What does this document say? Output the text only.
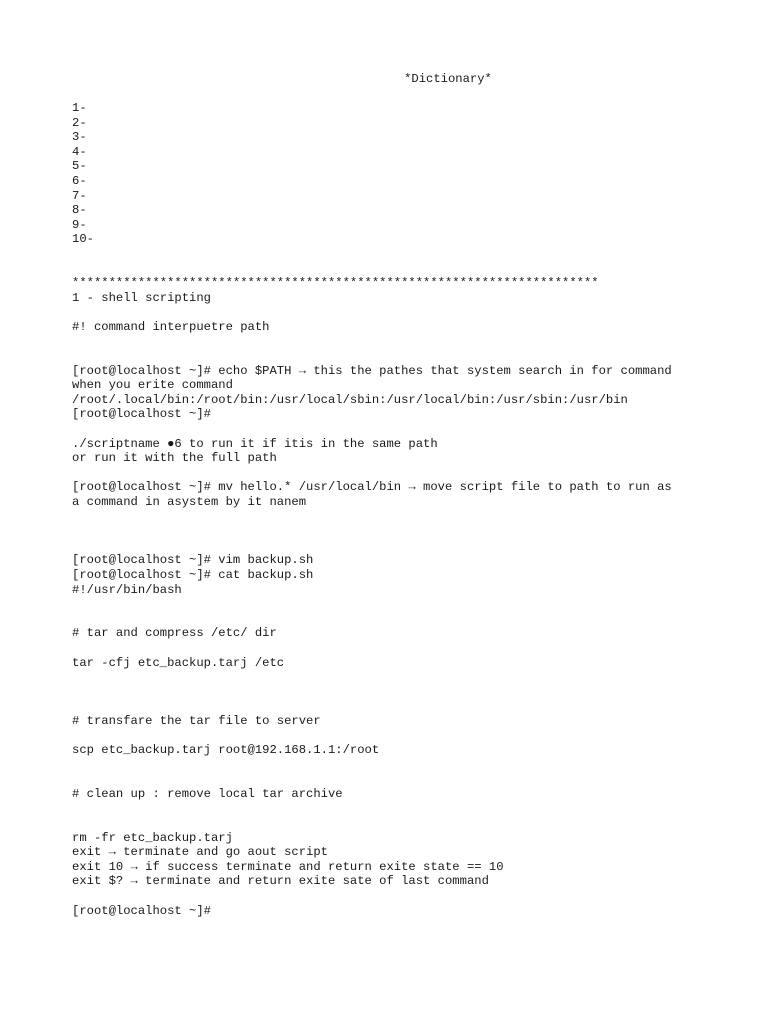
*Dictionary*
1-
2-
3-
4-
5-
6-
7-
8-
9-
10-
************************************************************************
1 - shell scripting
#! command interpuetre path
[root@localhost ~]# echo $PATH → this the pathes that system search in for command
when you erite command
/root/.local/bin:/root/bin:/usr/local/sbin:/usr/local/bin:/usr/sbin:/usr/bin
[root@localhost ~]#
./scriptname ●6 to run it if itis in the same path
or run it with the full path
[root@localhost ~]# mv hello.* /usr/local/bin → move script file to path to run as
a command in asystem by it nanem
[root@localhost ~]# vim backup.sh
[root@localhost ~]# cat backup.sh
#!/usr/bin/bash
# tar and compress /etc/ dir
tar -cfj etc_backup.tarj /etc
# transfare the tar file to server
scp etc_backup.tarj root@192.168.1.1:/root
# clean up : remove local tar archive
rm -fr etc_backup.tarj
exit → terminate and go aout script
exit 10 → if success terminate and return exite state == 10
exit $? → terminate and return exite sate of last command
[root@localhost ~]#
